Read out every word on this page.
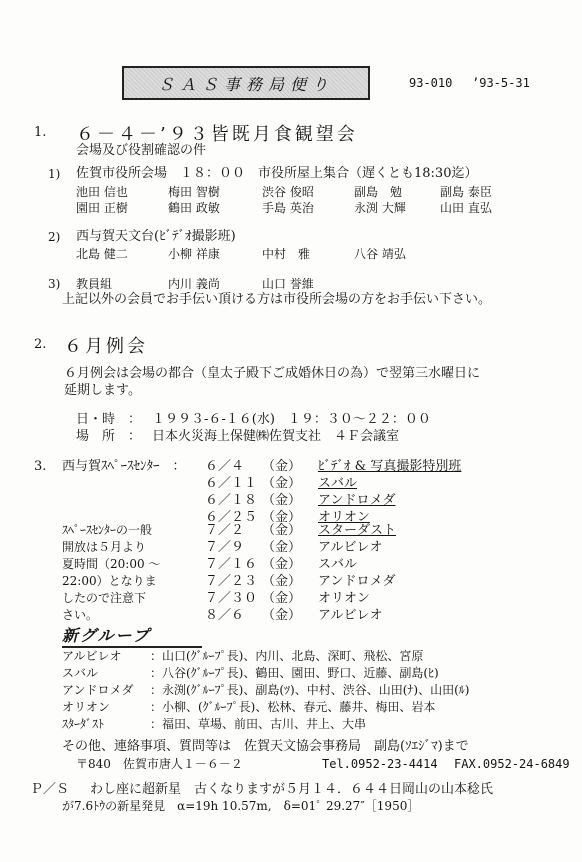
ＳＡＳ事務局便り	93-010 ’93-5-31
1. ６－４－’９３皆既月食観望会
会場及び役割確認の件
1) 佐賀市役所会場　１８：００　市役所屋上集合（遅くとも18:30迄）
池田 信也	梅田 智樹	渋谷 俊昭	副島　勉	副島 泰臣
園田 正樹	鶴田 政敏	手島 英治	永渕 大輝	山田 直弘
2) 西与賀天文台(ﾋﾞﾃﾞｵ撮影班)
北島 健二	小柳 祥康	中村　雅	八谷 靖弘
3) 教員組	内川 義尚	山口 誉維
上記以外の会員でお手伝い頂ける方は市役所会場の方をお手伝い下さい。
2. ６月例会
６月例会は会場の都合（皇太子殿下ご成婚休日の為）で翌第三水曜日に
延期します。
日・時　： １９９３-６-１６(水)　１９：３０～２２：００
場　所　： 日本火災海上保健㈱佐賀支社　４Ｆ会議室
3. 西与賀ｽﾍﾟｰｽｾﾝﾀｰ　：
ｽﾍﾟｰｽｾﾝﾀｰの一般
開放は５月より
夏時間（20:00 ～
22:00）となりま
したので注意下
さい。
６／４ （金） ﾋﾞﾃﾞｵ & 写真撮影特別班
６／１１ （金） スバル
６／１８ （金） アンドロメダ
６／２５ （金） オリオン
７／２ （金） スターダスト
７／９ （金） アルビレオ
７／１６ （金） スバル
７／２３ （金） アンドロメダ
７／３０ （金） オリオン
８／６ （金） アルビレオ
新グループ
アルビレオ ：山口(ｸﾞﾙｰﾌﾟ長)、内川、北島、深町、飛松、宮原
スバル	：八谷(ｸﾞﾙｰﾌﾟ長)、鶴田、園田、野口、近藤、副島(ﾋ)
アンドロメダ ：永渕(ｸﾞﾙｰﾌﾟ長)、副島(ﾂ)、中村、渋谷、山田(ﾅ)、山田(ﾙ)
オリオン	：小柳、(ｸﾞﾙｰﾌﾟ長)、松林、春元、藤井、梅田、岩本
ｽﾀｰﾀﾞｽﾄ	：福田、草場、前田、古川、井上、大串
その他、連絡事項、質問等は　佐賀天文協会事務局　副島(ｿｴｼﾞﾏ)まで
〒840　佐賀市唐人１－６－２	Tel.0952-23-4414 FAX.0952-24-6849
Ｐ／Ｓ わし座に超新星　古くなりますが５月１４．６４４日岡山の山本稔氏
が7.6ﾄｳの新星発見　α=19h 10.57m,　δ=01ﾟ 29.27″［1950］
